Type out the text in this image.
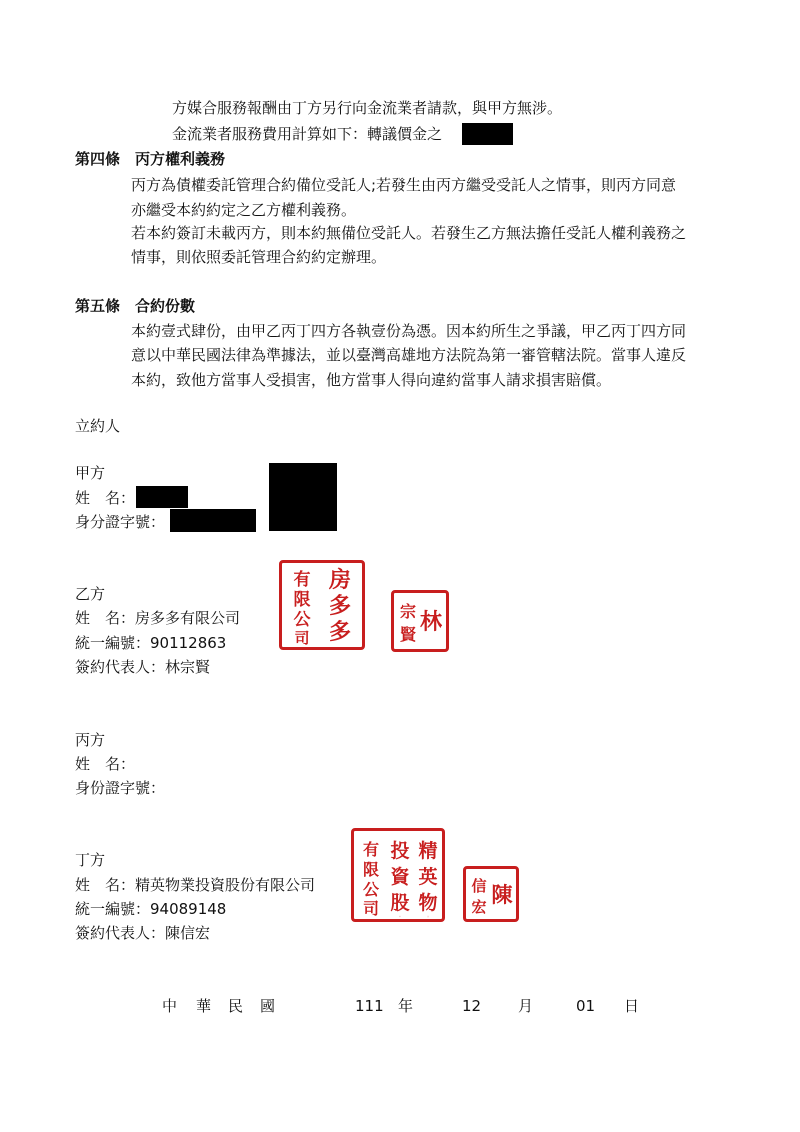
方媒合服務報酬由丁方另行向金流業者請款，與甲方無涉。
金流業者服務費用計算如下：轉議價金之
第四條　丙方權利義務
丙方為債權委託管理合約備位受託人;若發生由丙方繼受受託人之情事，則丙方同意
亦繼受本約約定之乙方權利義務。
若本約簽訂未載丙方，則本約無備位受託人。若發生乙方無法擔任受託人權利義務之
情事，則依照委託管理合約約定辦理。
第五條　合約份數
本約壹式肆份，由甲乙丙丁四方各執壹份為憑。因本約所生之爭議，甲乙丙丁四方同
意以中華民國法律為準據法，並以臺灣高雄地方法院為第一審管轄法院。當事人違反
本約，致他方當事人受損害，他方當事人得向違約當事人請求損害賠償。
立約人
甲方
姓　名：
身分證字號：
乙方
姓　名：房多多有限公司
統一編號：90112863
簽約代表人：林宗賢
房
多
多
有
限
公
司
林
宗
賢
丙方
姓　名：
身份證字號：
丁方
姓　名：精英物業投資股份有限公司
統一編號：94089148
簽約代表人：陳信宏
精
英
物
業
投
資
股
份
有
限
公
司
陳
信
宏
中 華 民 國	111 年	12 月	01 日
